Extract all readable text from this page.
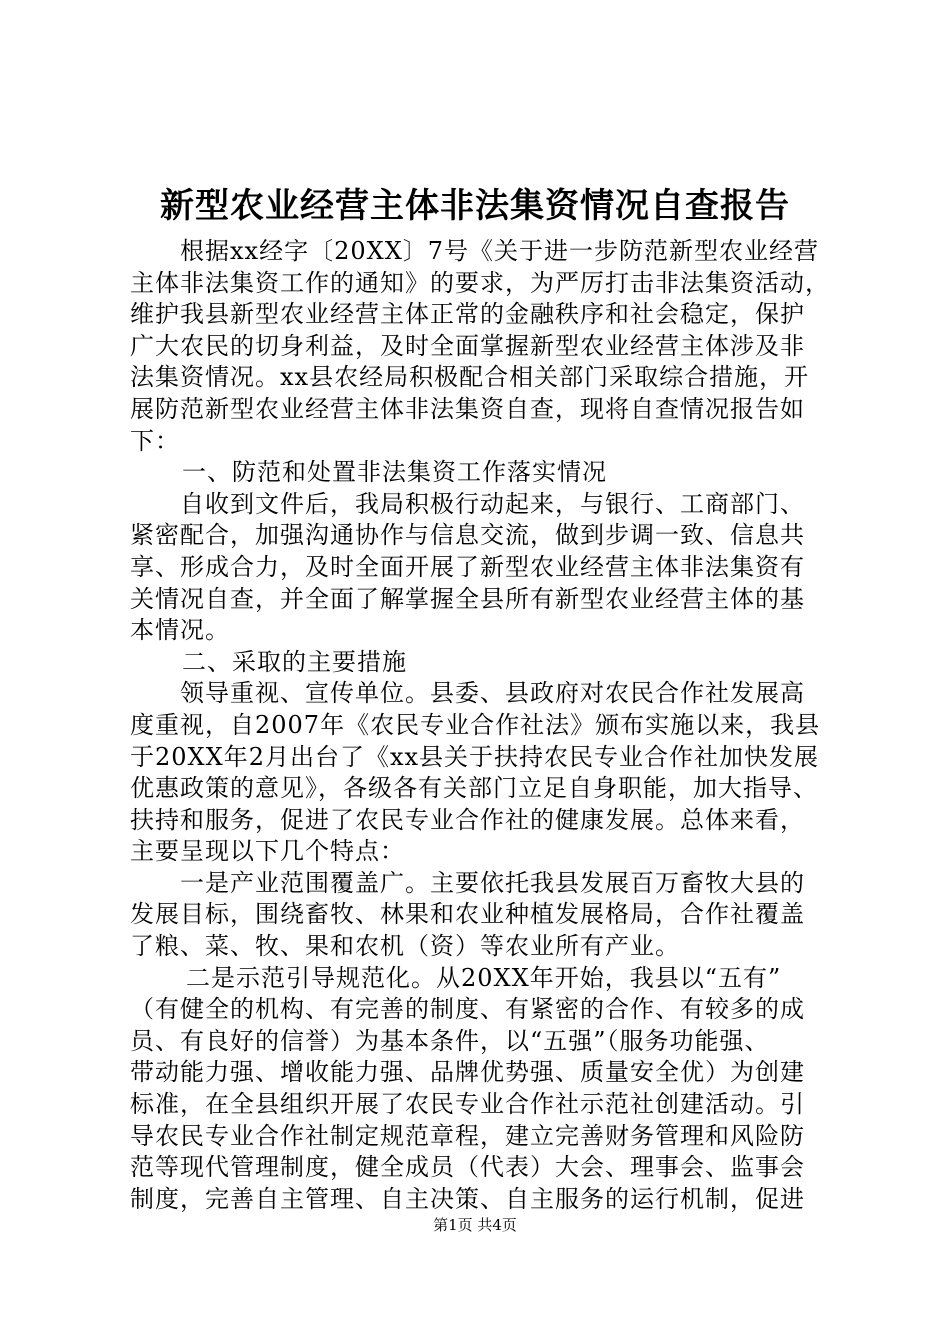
新型农业经营主体非法集资情况自查报告
根据xx经字〔20XX〕7号《关于进一步防范新型农业经营
主体非法集资工作的通知》的要求，为严厉打击非法集资活动，
维护我县新型农业经营主体正常的金融秩序和社会稳定，保护
广大农民的切身利益，及时全面掌握新型农业经营主体涉及非
法集资情况。xx县农经局积极配合相关部门采取综合措施，开
展防范新型农业经营主体非法集资自查，现将自查情况报告如
下：
一、防范和处置非法集资工作落实情况
自收到文件后，我局积极行动起来，与银行、工商部门、
紧密配合，加强沟通协作与信息交流，做到步调一致、信息共
享、形成合力，及时全面开展了新型农业经营主体非法集资有
关情况自查，并全面了解掌握全县所有新型农业经营主体的基
本情况。
二、采取的主要措施
领导重视、宣传单位。县委、县政府对农民合作社发展高
度重视，自2007年《农民专业合作社法》颁布实施以来，我县
于20XX年2月出台了《xx县关于扶持农民专业合作社加快发展
优惠政策的意见》，各级各有关部门立足自身职能，加大指导、
扶持和服务，促进了农民专业合作社的健康发展。总体来看，
主要呈现以下几个特点：
一是产业范围覆盖广。主要依托我县发展百万畜牧大县的
发展目标，围绕畜牧、林果和农业种植发展格局，合作社覆盖
了粮、菜、牧、果和农机（资）等农业所有产业。
二是示范引导规范化。从20XX年开始，我县以“五有”
（有健全的机构、有完善的制度、有紧密的合作、有较多的成
员、有良好的信誉）为基本条件，以“五强”（服务功能强、
带动能力强、增收能力强、品牌优势强、质量安全优）为创建
标准，在全县组织开展了农民专业合作社示范社创建活动。引
导农民专业合作社制定规范章程，建立完善财务管理和风险防
范等现代管理制度，健全成员（代表）大会、理事会、监事会
制度，完善自主管理、自主决策、自主服务的运行机制，促进
第1页 共4页
